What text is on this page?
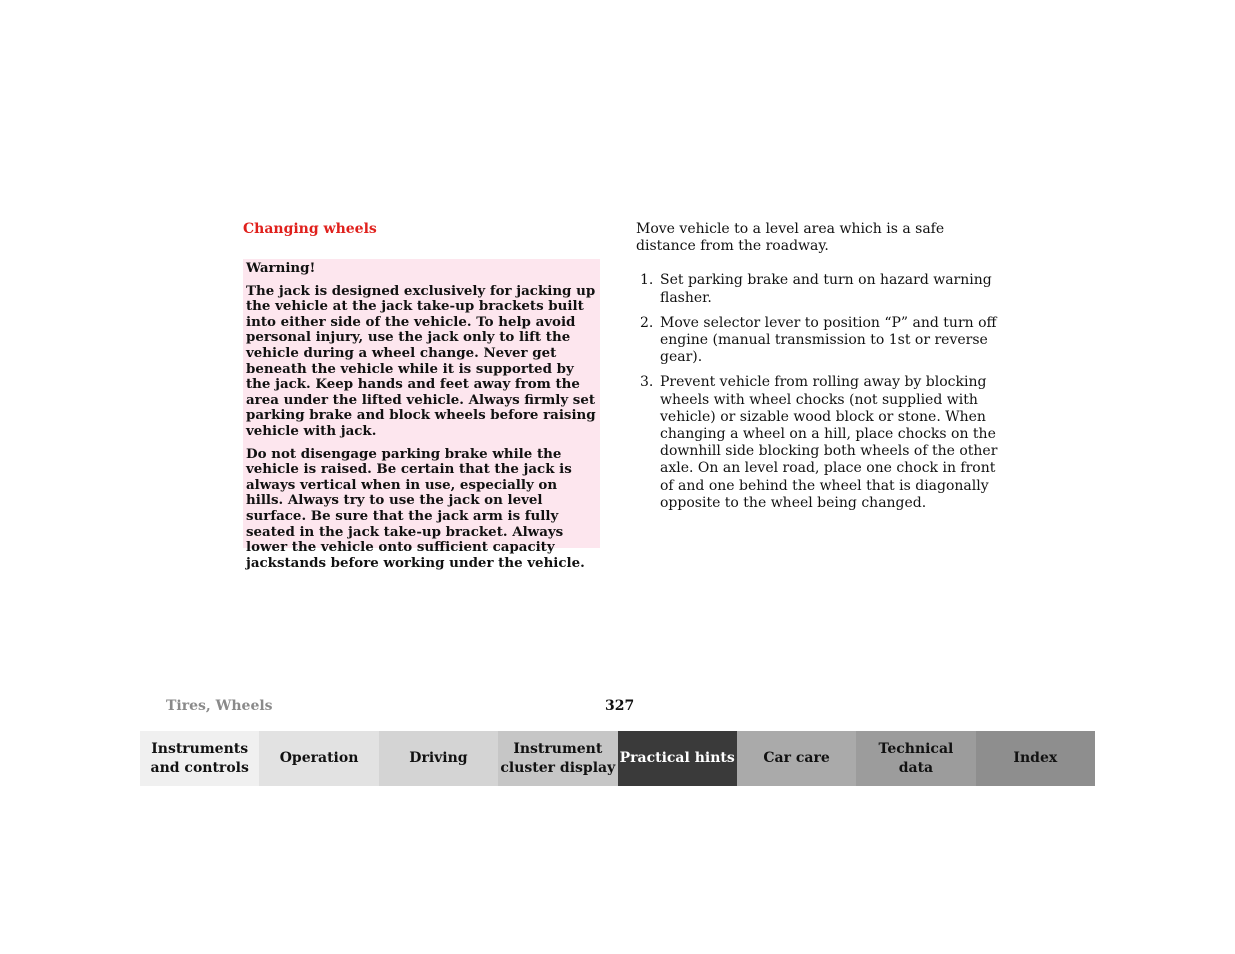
Changing wheels

Warning!

The jack is designed exclusively for jacking up the vehicle at the jack take-up brackets built into either side of the vehicle. To help avoid personal injury, use the jack only to lift the vehicle during a wheel change. Never get beneath the vehicle while it is supported by the jack. Keep hands and feet away from the area under the lifted vehicle. Always firmly set parking brake and block wheels before raising vehicle with jack.

Do not disengage parking brake while the vehicle is raised. Be certain that the jack is always vertical when in use, especially on hills. Always try to use the jack on level surface. Be sure that the jack arm is fully seated in the jack take-up bracket. Always lower the vehicle onto sufficient capacity jackstands before working under the vehicle.

Move vehicle to a level area which is a safe distance from the roadway.

1. Set parking brake and turn on hazard warning flasher.
2. Move selector lever to position “P” and turn off engine (manual transmission to 1st or reverse gear).
3. Prevent vehicle from rolling away by blocking wheels with wheel chocks (not supplied with vehicle) or sizable wood block or stone. When changing a wheel on a hill, place chocks on the downhill side blocking both wheels of the other axle. On an level road, place one chock in front of and one behind the wheel that is diagonally opposite to the wheel being changed.
Tires, Wheels	327
Instruments
and controls
Operation	Driving
Instrument
cluster display
Practical hints	Car care
Technical
data
Index
